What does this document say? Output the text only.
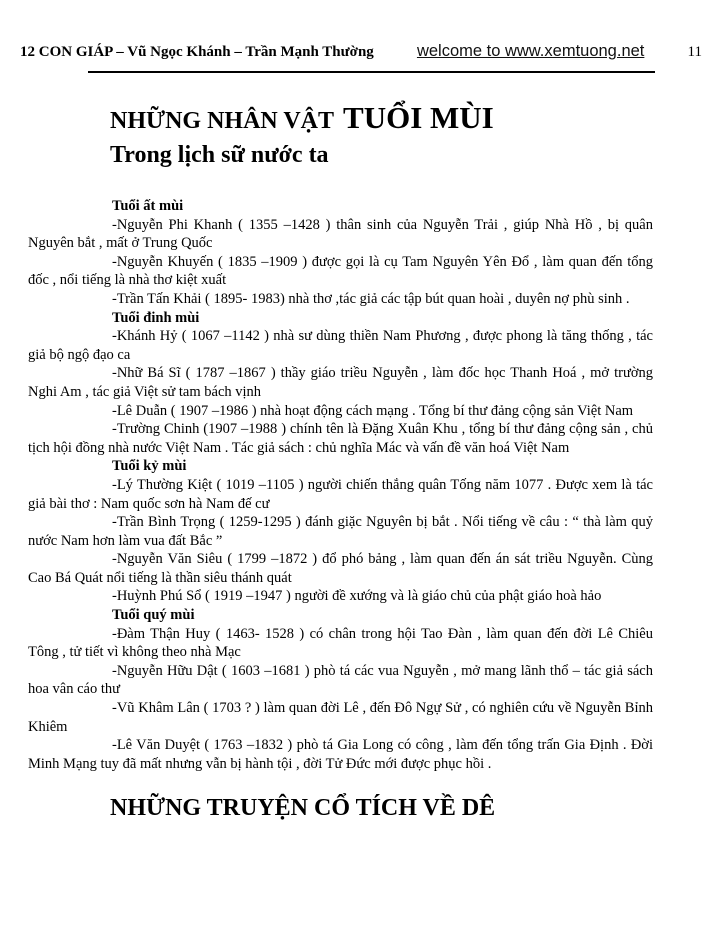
12 CON GIÁP – Vũ Ngọc Khánh – Trần Mạnh Thường	welcome to www.xemtuong.net	11
NHỮNG NHÂN VẬT TUỔI MÙI
Trong lịch sữ nước ta

Tuổi ất mùi

-Nguyễn Phi Khanh ( 1355 –1428 ) thân sinh của Nguyễn Trải , giúp Nhà Hồ , bị quân Nguyên bắt , mất ở Trung Quốc

-Nguyễn Khuyến ( 1835 –1909 ) được gọi là cụ Tam Nguyên Yên Đổ , làm quan đến tổng đốc , nổi tiếng là nhà thơ kiệt xuất

-Trần Tấn Khải ( 1895- 1983) nhà thơ ,tác giả các tập bút quan hoài , duyên nợ phù sinh .

Tuổi đinh mùi

-Khánh Hỷ ( 1067 –1142 ) nhà sư dùng thiền Nam Phương , được phong là tăng thống , tác giả bộ ngộ đạo ca

-Nhữ Bá Sĩ ( 1787 –1867 ) thầy giáo triều Nguyễn , làm đốc học Thanh Hoá , mở trường Nghi Am , tác giả Việt sử tam bách vịnh

-Lê Duẫn ( 1907 –1986 ) nhà hoạt động cách mạng . Tổng bí thư đảng cộng sản Việt Nam

-Trường Chinh (1907 –1988 ) chính tên là Đặng Xuân Khu , tổng bí thư đảng cộng sản , chủ tịch hội đồng nhà nước Việt Nam . Tác giả sách : chủ nghĩa Mác và vấn đề văn hoá Việt Nam

Tuổi kỷ mùi

-Lý Thường Kiệt ( 1019 –1105 ) người chiến thắng quân Tống năm 1077 . Được xem là tác giả bài thơ : Nam quốc sơn hà Nam đế cư

-Trần Bình Trọng ( 1259-1295 ) đánh giặc Nguyên bị bắt . Nổi tiếng về câu : “ thà làm quỷ nước Nam hơn làm vua đất Bắc ”

-Nguyễn Văn Siêu ( 1799 –1872 ) đổ phó bảng , làm quan đến án sát triều Nguyễn. Cùng Cao Bá Quát nổi tiếng là thần siêu thánh quát

-Huỳnh Phú Sổ ( 1919 –1947 ) người đề xướng và là giáo chủ của phật giáo hoà hảo

Tuổi quý mùi

-Đàm Thận Huy ( 1463- 1528 ) có chân trong hội Tao Đàn , làm quan đến đời Lê Chiêu Tông , tử tiết vì không theo nhà Mạc

-Nguyễn Hữu Dật ( 1603 –1681 ) phò tá các vua Nguyễn , mở mang lãnh thổ – tác giả sách hoa vân cáo thư

-Vũ Khâm Lân ( 1703 ? ) làm quan đời Lê , đến Đô Ngự Sử , có nghiên cứu về Nguyễn Bỉnh Khiêm

-Lê Văn Duyệt ( 1763 –1832 ) phò tá Gia Long có công , làm đến tổng trấn Gia Định . Đời Minh Mạng tuy đã mất nhưng vẫn bị hành tội , đời Tử Đức mới được phục hồi .

NHỮNG TRUYỆN CỔ TÍCH VỀ DÊ
